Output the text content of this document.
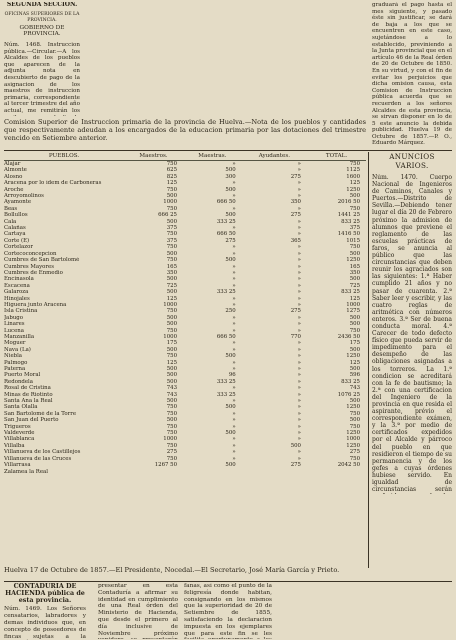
SEGUNDA SECCION.

OFICINAS SUPERIORES DE LA PROVINCIA.

GOBIERNO DE PROVINCIA.

Núm. 1468. Instruccion pública.—Circular.—A los Alcaldes de los pueblos que aparecen de la adjunta nota en descubierto de pago de la asignacion de los maestros de instruccion primaria, correspondiente al tercer trimestre del año actual, me remitirán los
graduará el pago hasta el mes siguiente, y pasado éste sin justificar, se dará de baja a los que se encuentren en este caso, sujetándose a lo establecido, previniendo a la Junta provincial que en el artículo 46 de la Real órden de 20 de Octubre de 1850. En su virtud, y con el fin de evitar los perjuicios que dicha omision causa, esta Comision de Instruccion pública acuerda que se recuerden a los señores Alcaldes de esta provincia, se sirvan disponer en lo de 5 este anuncio la debida publicidad. Huelva 19 de Octubre de 1857.—P. O., Eduardo Márquez.
Comision Superior de Instruccion primaria de la provincia de Huelva.—Nota de los pueblos y cantidades que respectivamente adeudan a los encargados de la educacion primaria por las dotaciones del trimestre vencido en Setiembre anterior.
PUEBLOS.	Maestros.	Maestras.	Ayudantes.	TOTAL.
Alajar	750	»	»	750
Almonte	625	500	»	1125
Alosno	825	300	275	1600
Aracena por lo ídem de Carboneras	125	»	»	125
Aroche	750	500	»	1250
Arroyomolinos	500	»	»	500
Ayamonte	1000	666 50	350	2016 50
Beas	750	»	»	750
Bollullos	666 25	500	275	1441 25
Cala	500	333 25	»	833 25
Calañas	375	»	»	375
Cartaya	750	666 50	»	1416 50
Corte (E)	375	275	365	1015
Cortelazor	750	»	»	750
Cortecoconcepcion	500	»	»	500
Cumbres de San Bartolomé	750	500	»	1250
Cumbres Mayores	165	»	»	165
Cumbres de Enmedio	350	»	»	350
Encinasola	500	»	»	500
Escacena	725	»	»	725
Galaroza	500	333 25	»	833 25
Hinojales	125	»	»	125
Higuera junto Aracena	1000	»	»	1000
Isla Cristina	750	250	275	1275
Jabugo	500	»	»	500
Linares	500	»	»	500
Lucena	750	»	»	750
Manzanilla	1000	666 50	770	2436 50
Moguer	175	»	»	175
Nava (La)	500	»	»	500
Niebla	750	500	»	1250
Palmogo	125	»	»	125
Paterna	500	»	»	500
Puerto Moral	500	96	»	596
Redondela	500	333 25	»	833 25
Rosal de Cristina	743	»	»	743
Minas de Riotinto	743	333 25	»	1076 25
Santa Ana la Real	500	»	»	500
Santa Olalla	750	500	»	1250
San Bartolomé de la Torre	750	»	»	750
San Juan del Puerto	500	»	»	500
Trigueros	750	»	»	750
Valdeverde	750	500	»	1250
Villablanca	1000	»	»	1000
Villalba	750	»	500	1250
Villanueva de los Castillejos	275	»	»	275
Villanueva de las Cruces	750	»	»	750
Villarrasa	1267 50	500	275	2042 50
Zalamea la Real				
ANUNCIOS VARIOS.
Núm. 1470. Cuerpo Nacional de Ingenieros de Caminos, Canales y Puertos.—Distrito de Sevilla.—Debiendo tener lugar el día 20 de Febrero próximo la admision de alumnos que previene el reglamento de las escuelas prácticas de faros, se anuncia al público que las circunstancias que deben reunir los agraciados son las siguientes: 1.ª Haber cumplido 21 años y no pasar de cuarenta. 2.ª Saber leer y escribir, y las cuatro reglas de aritmética con números enteros. 3.ª Ser de buena conducta moral. 4.ª Carecer de todo defecto físico que pueda servir de impedimento para el desempeño de las obligaciones asignadas a los torreros. La 1.ª condicion se acreditará con la fe de bautismo; la 2.ª con una certificacion del Ingeniero de la provincia en que resida el aspirante, prévio el correspondiente exámen, y la 3.ª por medio de certificados expedidos por el Alcalde y párroco del pueblo en que residieron el tiempo de su permanencia y de los gefes a cuyas órdenes hubiese servido. En igualdad de circunstancias serán
Huelva 17 de Octubre de 1857.—El Presidente, Nocedal.—El Secretario, José María García y Prieto.

CONTADURIA DE HACIENDA pública de esta provincia.

Núm. 1469. Los Señores censatarios, labradores y demas individuos que, en concepto de poseedores de fincas sujetas a la
presentar en esta Contaduría a afirmar su identidad en cumplimiento de una Real órden del Ministerio de Hacienda, que desde el primero al día inclusive de Noviembre próximo
fanas, así como el punto de la feligresía donde habitan, consignando en los mismos que la superioridad de 20 de Setiembre de 1855, satisfaciendo la declaracion impuesta en los ejemplares que para este fin se les
